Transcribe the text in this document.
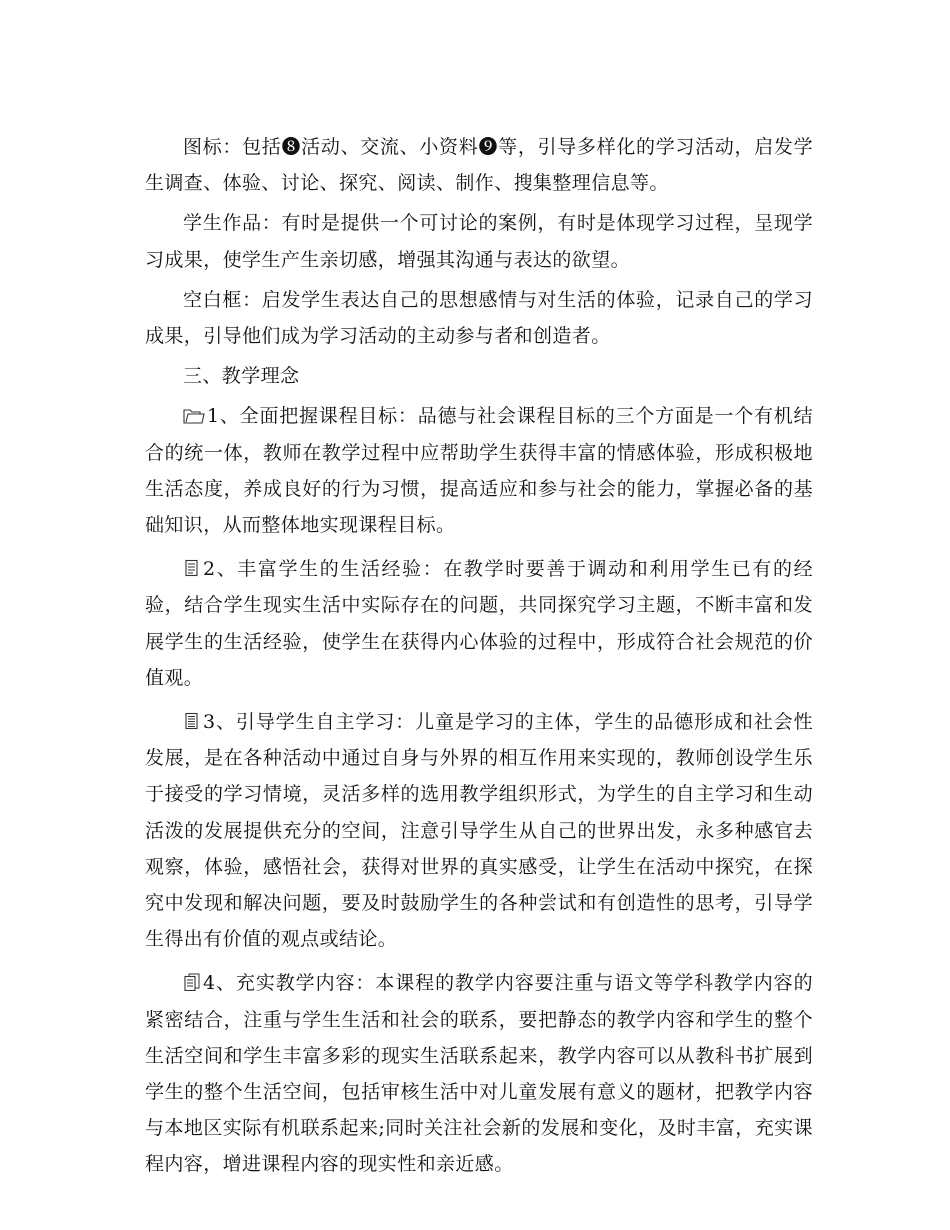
图标：包括❽活动、交流、小资料❾等，引导多样化的学习活动，启发学生调查、体验、讨论、探究、阅读、制作、搜集整理信息等。

学生作品：有时是提供一个可讨论的案例，有时是体现学习过程，呈现学习成果，使学生产生亲切感，增强其沟通与表达的欲望。

空白框：启发学生表达自己的思想感情与对生活的体验，记录自己的学习成果，引导他们成为学习活动的主动参与者和创造者。

三、教学理念

1、全面把握课程目标：品德与社会课程目标的三个方面是一个有机结合的统一体，教师在教学过程中应帮助学生获得丰富的情感体验，形成积极地生活态度，养成良好的行为习惯，提高适应和参与社会的能力，掌握必备的基础知识，从而整体地实现课程目标。

2、丰富学生的生活经验：在教学时要善于调动和利用学生已有的经验，结合学生现实生活中实际存在的问题，共同探究学习主题，不断丰富和发展学生的生活经验，使学生在获得内心体验的过程中，形成符合社会规范的价值观。

3、引导学生自主学习：儿童是学习的主体，学生的品德形成和社会性发展，是在各种活动中通过自身与外界的相互作用来实现的，教师创设学生乐于接受的学习情境，灵活多样的选用教学组织形式，为学生的自主学习和生动活泼的发展提供充分的空间，注意引导学生从自己的世界出发，永多种感官去观察，体验，感悟社会，获得对世界的真实感受，让学生在活动中探究，在探究中发现和解决问题，要及时鼓励学生的各种尝试和有创造性的思考，引导学生得出有价值的观点或结论。

4、充实教学内容：本课程的教学内容要注重与语文等学科教学内容的紧密结合，注重与学生生活和社会的联系，要把静态的教学内容和学生的整个生活空间和学生丰富多彩的现实生活联系起来，教学内容可以从教科书扩展到学生的整个生活空间，包括审核生活中对儿童发展有意义的题材，把教学内容与本地区实际有机联系起来;同时关注社会新的发展和变化，及时丰富，充实课程内容，增进课程内容的现实性和亲近感。
